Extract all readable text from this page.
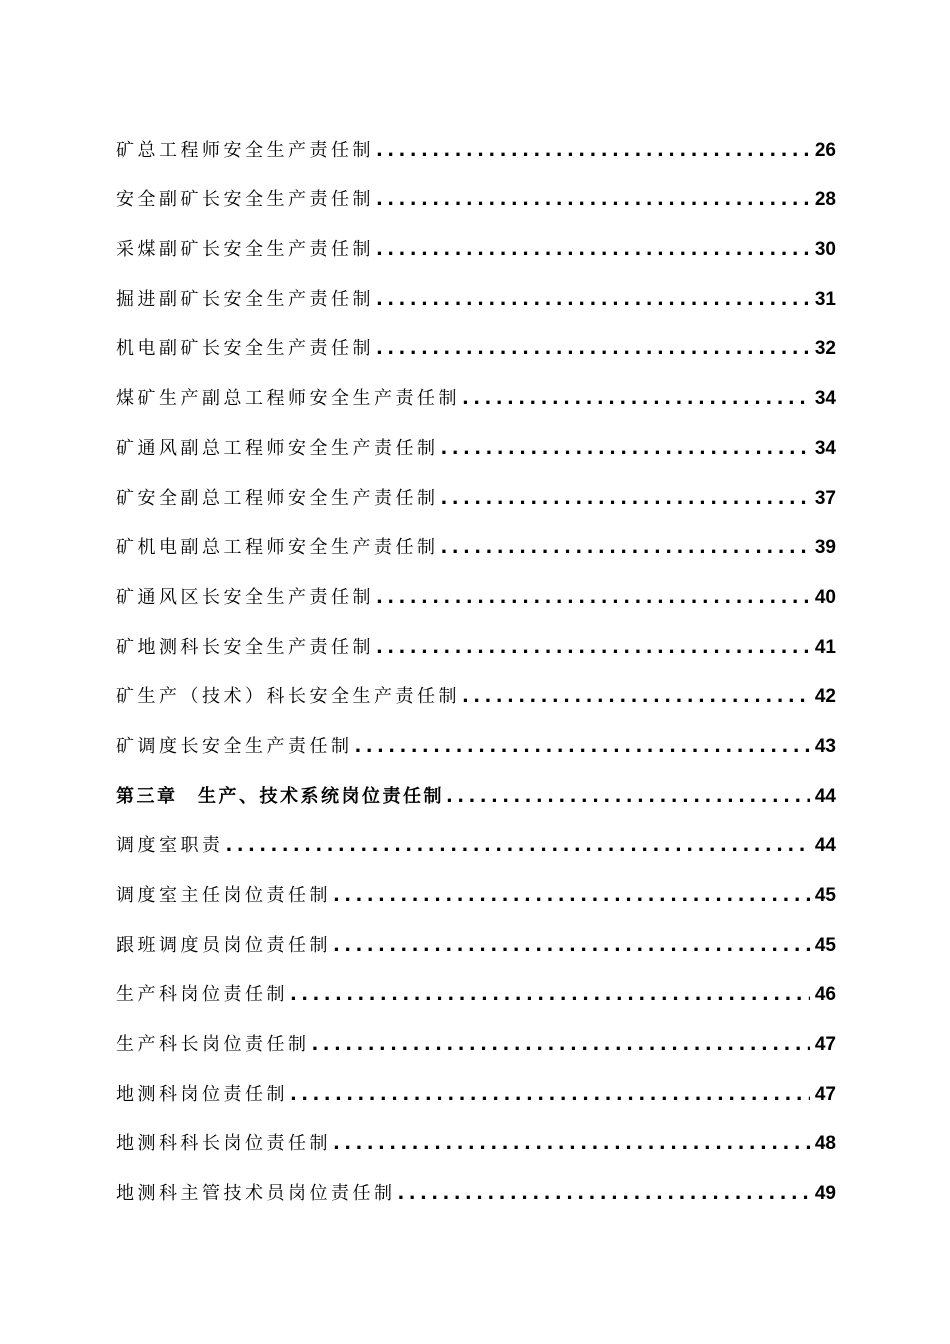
矿总工程师安全生产责任制 .....	26
安全副矿长安全生产责任制 .....	28
采煤副矿长安全生产责任制 .....	30
掘进副矿长安全生产责任制 .....	31
机电副矿长安全生产责任制 .....	32
煤矿生产副总工程师安全生产责任制 .....	34
矿通风副总工程师安全生产责任制 .....	34
矿安全副总工程师安全生产责任制 .....	37
矿机电副总工程师安全生产责任制 .....	39
矿通风区长安全生产责任制 .....	40
矿地测科长安全生产责任制 .....	41
矿生产（技术）科长安全生产责任制 .....	42
矿调度长安全生产责任制 .....	43
第三章　生产、技术系统岗位责任制 .....	44
调度室职责 .....	44
调度室主任岗位责任制 .....	45
跟班调度员岗位责任制 .....	45
生产科岗位责任制 .....	46
生产科长岗位责任制 .....	47
地测科岗位责任制 .....	47
地测科科长岗位责任制 .....	48
地测科主管技术员岗位责任制 .....	49
